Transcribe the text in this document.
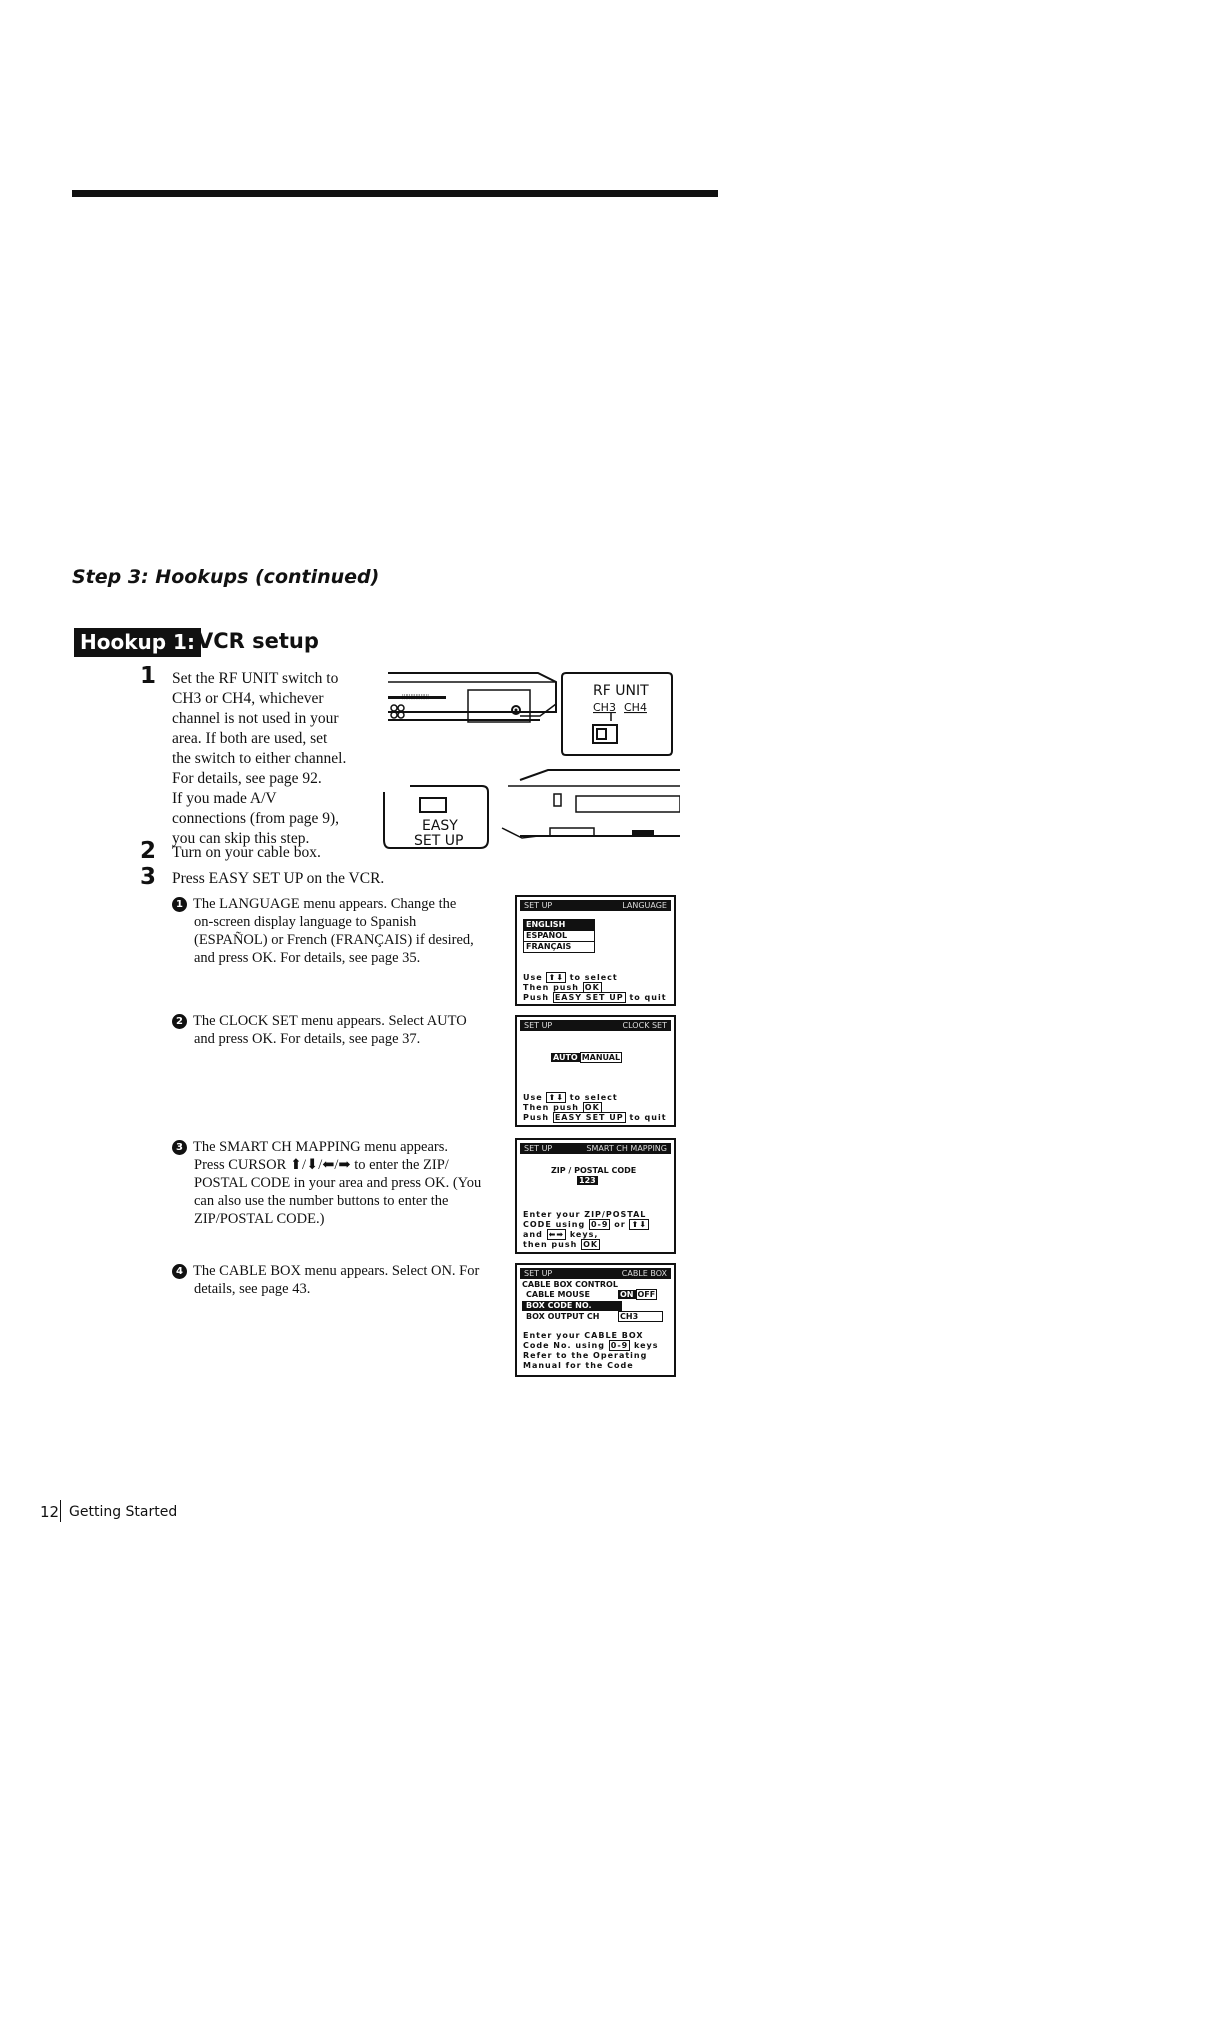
Step 3: Hookups (continued)
Hookup 1: VCR setup
1 Set the RF UNIT switch to
CH3 or CH4, whichever
channel is not used in your
area. If both are used, set
the switch to either channel.
For details, see page 92.
If you made A/V
connections (from page 9),
you can skip this step.
2 Turn on your cable box.
3 Press EASY SET UP on the VCR.
||||||||||||||||	RF UNIT
CH3 CH4
EASY
SET UP
1 The LANGUAGE menu appears. Change the
on-screen display language to Spanish
(ESPAÑOL) or French (FRANÇAIS) if desired,
and press OK. For details, see page 35.
2 The CLOCK SET menu appears. Select AUTO
and press OK. For details, see page 37.
3 The SMART CH MAPPING menu appears.
Press CURSOR ⬆/⬇/⬅/➡ to enter the ZIP/
POSTAL CODE in your area and press OK. (You
can also use the number buttons to enter the
ZIP/POSTAL CODE.)
4 The CABLE BOX menu appears. Select ON. For
details, see page 43.
SET UP	LANGUAGE
ENGLISH
ESPAÑOL
FRANÇAIS
Use ⬆⬇ to select
Then push OK
Push EASY SET UP to quit
SET UP	CLOCK SET
AUTO MANUAL
Use ⬆⬇ to select
Then push OK
Push EASY SET UP to quit
SET UP	SMART CH MAPPING
ZIP / POSTAL CODE
123
Enter your ZIP/POSTAL
CODE using 0-9 or ⬆⬇
and ⬅➡ keys,
then push OK
SET UP	CABLE BOX
CABLE BOX CONTROL
CABLE MOUSE	ON OFF
BOX CODE NO.
BOX OUTPUT CH	CH3
Enter your CABLE BOX
Code No. using 0-9 keys
Refer to the Operating
Manual for the Code
12 Getting Started
